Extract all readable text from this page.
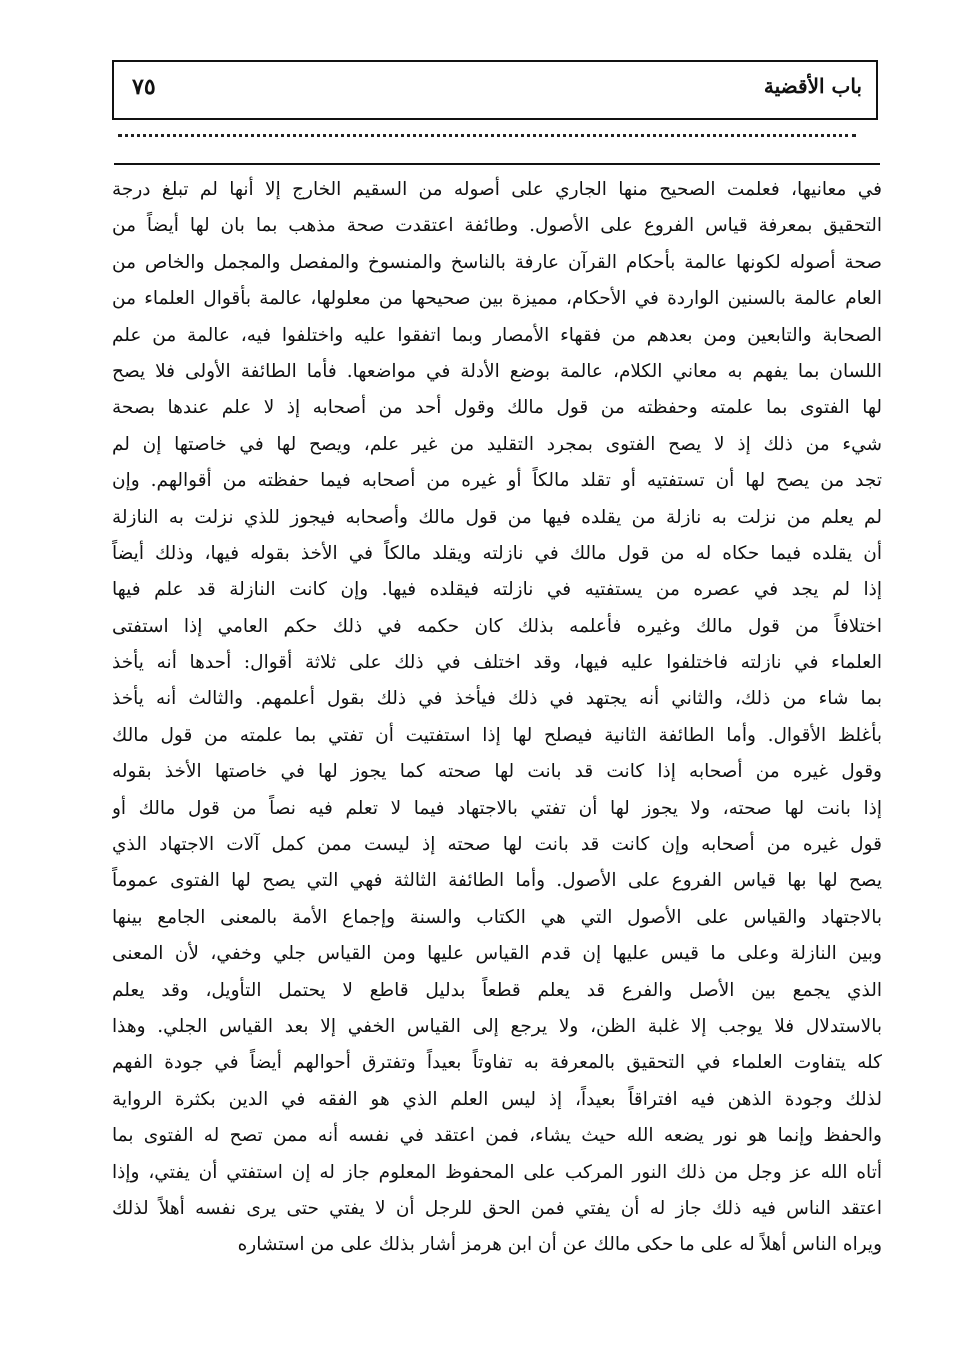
٧٥	باب الأقضية
في معانيها، فعلمت الصحيح منها الجاري على أصوله من السقيم الخارج إلا أنها لم تبلغ درجة
التحقيق بمعرفة قياس الفروع على الأصول. وطائفة اعتقدت صحة مذهب بما بان لها أيضاً من
صحة أصوله لكونها عالمة بأحكام القرآن عارفة بالناسخ والمنسوخ والمفصل والمجمل والخاص من
العام عالمة بالسنين الواردة في الأحكام، مميزة بين صحيحها من معلولها، عالمة بأقوال العلماء من
الصحابة والتابعين ومن بعدهم من فقهاء الأمصار وبما اتفقوا عليه واختلفوا فيه، عالمة من علم
اللسان بما يفهم به معاني الكلام، عالمة بوضع الأدلة في مواضعها. فأما الطائفة الأولى فلا يصح
لها الفتوى بما علمته وحفظته من قول مالك وقول أحد من أصحابه إذ لا علم عندها بصحة
شيء من ذلك إذ لا يصح الفتوى بمجرد التقليد من غير علم، ويصح لها في خاصتها إن لم
تجد من يصح لها أن تستفتيه أو تقلد مالكاً أو غيره من أصحابه فيما حفظته من أقوالهم. وإن
لم يعلم من نزلت به نازلة من يقلده فيها من قول مالك وأصحابه فيجوز للذي نزلت به النازلة
أن يقلده فيما حكاه له من قول مالك في نازلته ويقلد مالكاً في الأخذ بقوله فيها، وذلك أيضاً
إذا لم يجد في عصره من يستفتيه في نازلته فيقلده فيها. وإن كانت النازلة قد علم فيها
اختلافاً من قول مالك وغيره فأعلمه بذلك كان حكمه في ذلك حكم العامي إذا استفتى
العلماء في نازلته فاختلفوا عليه فيها، وقد اختلف في ذلك على ثلاثة أقوال: أحدها أنه يأخذ
بما شاء من ذلك، والثاني أنه يجتهد في ذلك فيأخذ في ذلك بقول أعلمهم. والثالث أنه يأخذ
بأغلظ الأقوال. وأما الطائفة الثانية فيصلح لها إذا استفتيت أن تفتي بما علمته من قول مالك
وقول غيره من أصحابه إذا كانت قد بانت لها صحته كما يجوز لها في خاصتها الأخذ بقوله
إذا بانت لها صحته، ولا يجوز لها أن تفتي بالاجتهاد فيما لا تعلم فيه نصاً من قول مالك أو
قول غيره من أصحابه وإن كانت قد بانت لها صحته إذ ليست ممن كمل آلات الاجتهاد الذي
يصح لها بها قياس الفروع على الأصول. وأما الطائفة الثالثة فهي التي يصح لها الفتوى عموماً
بالاجتهاد والقياس على الأصول التي هي الكتاب والسنة وإجماع الأمة بالمعنى الجامع بينها
وبين النازلة وعلى ما قيس عليها إن قدم القياس عليها ومن القياس جلي وخفي، لأن المعنى
الذي يجمع بين الأصل والفرع قد يعلم قطعاً بدليل قاطع لا يحتمل التأويل، وقد يعلم
بالاستدلال فلا يوجب إلا غلبة الظن، ولا يرجع إلى القياس الخفي إلا بعد القياس الجلي. وهذا
كله يتفاوت العلماء في التحقيق بالمعرفة به تفاوتاً بعيداً وتفترق أحوالهم أيضاً في جودة الفهم
لذلك وجودة الذهن فيه افتراقاً بعيداً، إذ ليس العلم الذي هو الفقه في الدين بكثرة الرواية
والحفظ وإنما هو نور يضعه الله حيث يشاء، فمن اعتقد في نفسه أنه ممن تصح له الفتوى بما
أتاه الله عز وجل من ذلك النور المركب على المحفوظ المعلوم جاز له إن استفتي أن يفتي، وإذا
اعتقد الناس فيه ذلك جاز له أن يفتي فمن الحق للرجل أن لا يفتي حتى يرى نفسه أهلاً لذلك
ويراه الناس أهلاً له على ما حكى مالك عن أن ابن هرمز أشار بذلك على من استشاره
